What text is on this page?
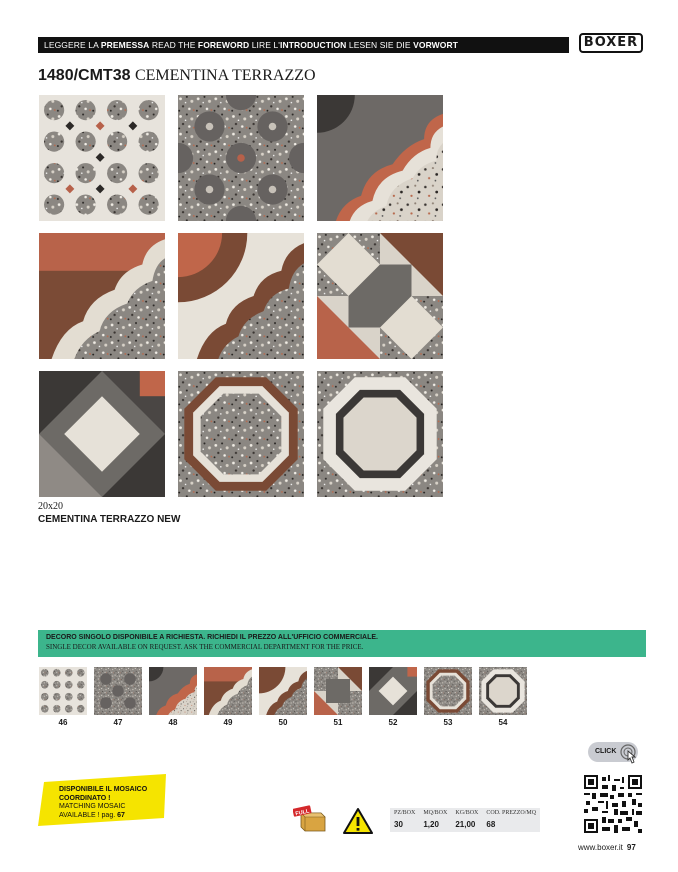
LEGGERE LA PREMESSA READ THE FOREWORD LIRE L'INTRODUCTION LESEN SIE DIE VORWORT	BOXER
1480/CMT38 CEMENTINA TERRAZZO
20x20
CEMENTINA TERRAZZO NEW
DECORO SINGOLO DISPONIBILE A RICHIESTA. RICHIEDI IL PREZZO ALL'UFFICIO COMMERCIALE.
SINGLE DECOR AVAILABLE ON REQUEST. ASK THE COMMERCIAL DEPARTMENT FOR THE PRICE.
46	47	48	49	50	51	52	53	54
CLICK
DISPONIBILE IL MOSAICO
COORDINATO !
MATCHING MOSAIC
AVAILABLE ! pag. 67	FULL	PZ/BOX	MQ/BOX	KG/BOX	COD. PREZZO/MQ
30	1,20	21,00	68
www.boxer.it 97
